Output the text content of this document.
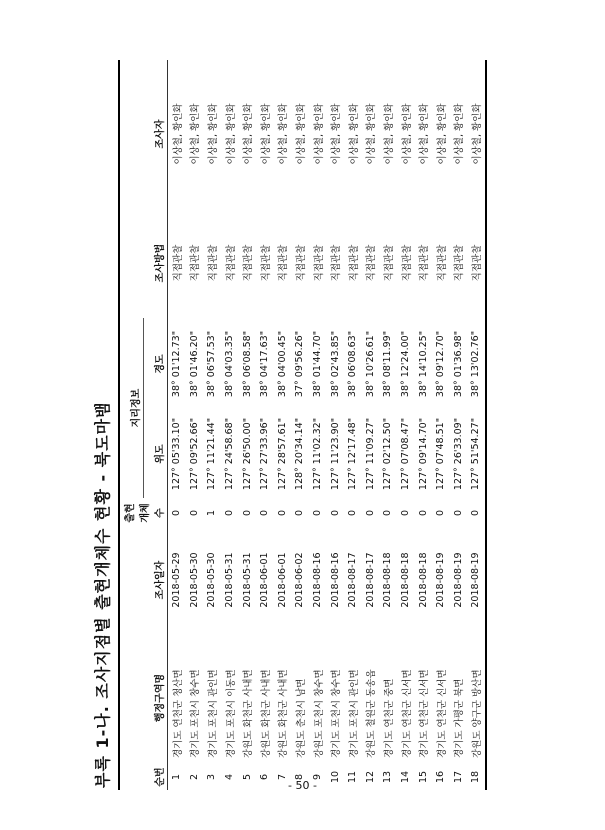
부록 1-나. 조사지점별 출현개체수 현황 - 북도마뱀	순번	행정구역명	조사일자	출현 개체수	지리정보		조사방법	조사자
				위도	경도		
1	경기도 연천군 청산면	2018-05-29	0	127° 05'33.10"	38° 01'12.73"	직접관찰	이상철, 황인화
2	경기도 포천시 창수면	2018-05-30	0	127° 09'52.66"	38° 01'46.20"	직접관찰	이상철, 황인화
3	경기도 포천시 관인면	2018-05-30	1	127° 11'21.44"	38° 06'57.53"	직접관찰	이상철, 황인화
4	경기도 포천시 이동면	2018-05-31	0	127° 24'58.68"	38° 04'03.35"	직접관찰	이상철, 황인화
5	강원도 화천군 사내면	2018-05-31	0	127° 26'50.00"	38° 06'08.58"	직접관찰	이상철, 황인화
6	강원도 화천군 사내면	2018-06-01	0	127° 27'33.96"	38° 04'17.63"	직접관찰	이상철, 황인화
7	강원도 화천군 사내면	2018-06-01	0	127° 28'57.61"	38° 04'00.45"	직접관찰	이상철, 황인화
8	강원도 춘천시 남면	2018-06-02	0	128° 20'34.14"	37° 09'56.26"	직접관찰	이상철, 황인화
9	강원도 포천시 창수면	2018-08-16	0	127° 11'02.32"	38° 01'44.70"	직접관찰	이상철, 황인화
10	경기도 포천시 창수면	2018-08-16	0	127° 11'23.90"	38° 02'43.85"	직접관찰	이상철, 황인화
11	경기도 포천시 관인면	2018-08-17	0	127° 12'17.48"	38° 06'08.63"	직접관찰	이상철, 황인화
12	강원도 철원군 동송읍	2018-08-17	0	127° 11'09.27"	38° 10'26.61"	직접관찰	이상철, 황인화
13	경기도 연천군 중면	2018-08-18	0	127° 02'12.50"	38° 08'11.99"	직접관찰	이상철, 황인화
14	경기도 연천군 신서면	2018-08-18	0	127° 07'08.47"	38° 12'24.00"	직접관찰	이상철, 황인화
15	경기도 연천군 신서면	2018-08-18	0	127° 09'14.70"	38° 14'10.25"	직접관찰	이상철, 황인화
16	경기도 연천군 신서면	2018-08-19	0	127° 07'48.51"	38° 09'12.70"	직접관찰	이상철, 황인화
17	경기도 가평군 북면	2018-08-19	0	127° 26'33.09"	38° 01'36.98"	직접관찰	이상철, 황인화
18	강원도 양구군 방산면	2018-08-19	0	127° 51'54.27"	38° 13'02.76"	직접관찰	이상철, 황인화
- 50 -
